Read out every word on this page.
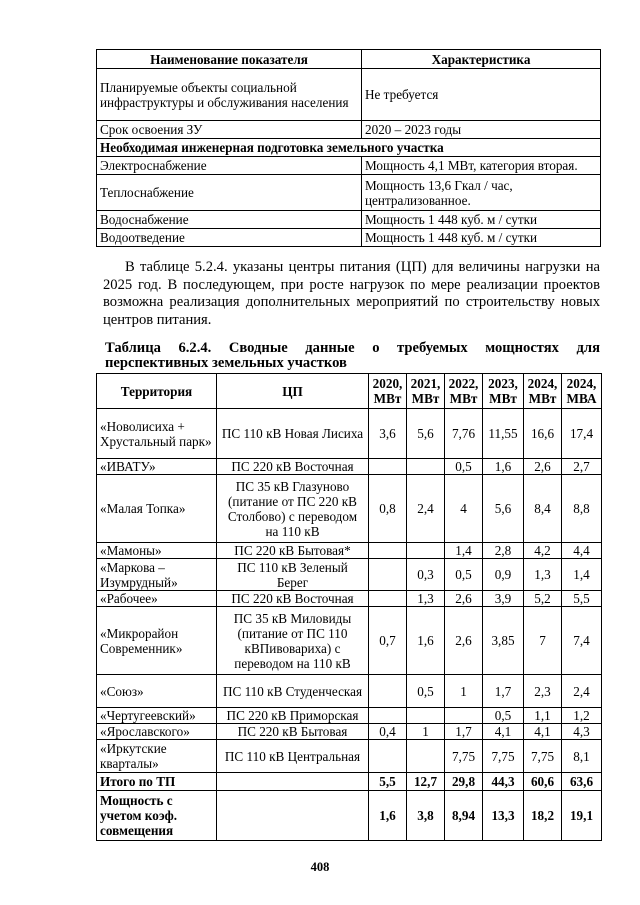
Наименование показателя	Характеристика
Планируемые объекты социальной инфраструктуры и обслуживания населения	Не требуется
Срок освоения ЗУ	2020 – 2023 годы
Необходимая инженерная подготовка земельного участка	
Электроснабжение	Мощность 4,1 МВт, категория вторая.
Теплоснабжение	Мощность 13,6 Гкал / час, централизованное.
Водоснабжение	Мощность 1 448 куб. м / сутки
Водоотведение	Мощность 1 448 куб. м / сутки
В таблице 5.2.4. указаны центры питания (ЦП) для величины нагрузки на 2025 год. В последующем, при росте нагрузок по мере реализации проектов возможна реализация дополнительных мероприятий по строительству новых центров питания.
Таблица 6.2.4. Сводные данные о требуемых мощностях для перспективных земельных участков
Территория	ЦП	2020, МВт	2021, МВт	2022, МВт	2023, МВт	2024, МВт	2024, МВА
«Новолисиха + Хрустальный парк»	ПС 110 кВ Новая Лисиха	3,6	5,6	7,76	11,55	16,6	17,4
«ИВАТУ»	ПС 220 кВ Восточная			0,5	1,6	2,6	2,7
«Малая Топка»	ПС 35 кВ Глазуново (питание от ПС 220 кВ Столбово) с переводом на 110 кВ	0,8	2,4	4	5,6	8,4	8,8
«Мамоны»	ПС 220 кВ Бытовая*			1,4	2,8	4,2	4,4
«Маркова – Изумрудный»	ПС 110 кВ Зеленый Берег		0,3	0,5	0,9	1,3	1,4
«Рабочее»	ПС 220 кВ Восточная		1,3	2,6	3,9	5,2	5,5
«Микрорайон Современник»	ПС 35 кВ Миловиды (питание от ПС 110 кВПивовариха) с переводом на 110 кВ	0,7	1,6	2,6	3,85	7	7,4
«Союз»	ПС 110 кВ Студенческая		0,5	1	1,7	2,3	2,4
«Чертугеевский»	ПС 220 кВ Приморская				0,5	1,1	1,2
«Ярославского»	ПС 220 кВ Бытовая	0,4	1	1,7	4,1	4,1	4,3
«Иркутские кварталы»	ПС 110 кВ Центральная			7,75	7,75	7,75	8,1
Итого по ТП		5,5	12,7	29,8	44,3	60,6	63,6
Мощность с учетом коэф. совмещения		1,6	3,8	8,94	13,3	18,2	19,1
408
